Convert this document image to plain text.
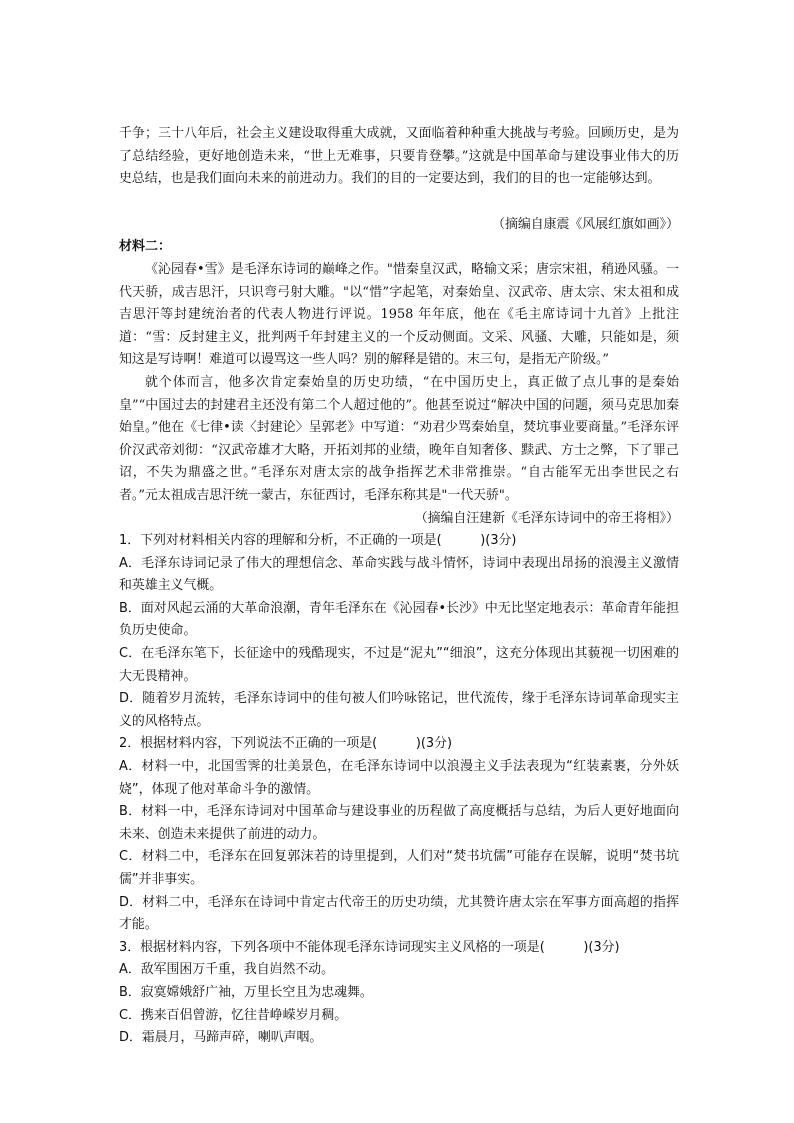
千争；三十八年后，社会主义建设取得重大成就，又面临着种种重大挑战与考验。回顾历史，是为了总结经验，更好地创造未来，“世上无难事，只要肯登攀。”这就是中国革命与建设事业伟大的历史总结，也是我们面向未来的前进动力。我们的目的一定要达到，我们的目的也一定能够达到。

（摘编自康震《风展红旗如画》）

材料二：

《沁园春•雪》是毛泽东诗词的巅峰之作。"惜秦皇汉武，略输文采；唐宗宋祖，稍逊风骚。一代天骄，成吉思汗，只识弯弓射大雕。"以“惜”字起笔，对秦始皇、汉武帝、唐太宗、宋太祖和成吉思汗等封建统治者的代表人物进行评说。1958 年年底，他在《毛主席诗词十九首》上批注道：“雪：反封建主义，批判两千年封建主义的一个反动侧面。文采、风骚、大雕，只能如是，须知这是写诗啊！难道可以谩骂这一些人吗？别的解释是错的。末三句，是指无产阶级。”

就个体而言，他多次肯定秦始皇的历史功绩，“在中国历史上，真正做了点儿事的是秦始皇”“中国过去的封建君主还没有第二个人超过他的”。他甚至说过“解决中国的问题，须马克思加秦始皇。”他在《七律•读〈封建论〉呈郭老》中写道：“劝君少骂秦始皇，焚坑事业要商量。”毛泽东评价汉武帝刘彻：“汉武帝雄才大略，开拓刘邦的业绩，晚年自知奢侈、黩武、方士之弊，下了罪己诏，不失为鼎盛之世。”毛泽东对唐太宗的战争指挥艺术非常推崇。“自古能军无出李世民之右者。”元太祖成吉思汗统一蒙古，东征西讨，毛泽东称其是"一代天骄"。

（摘编自汪建新《毛泽东诗词中的帝王将相》）

1．下列对材料相关内容的理解和分析，不正确的一项是(　　　)(3分)

A．毛泽东诗词记录了伟大的理想信念、革命实践与战斗情怀，诗词中表现出昂扬的浪漫主义激情和英雄主义气概。

B．面对风起云涌的大革命浪潮，青年毛泽东在《沁园春•长沙》中无比坚定地表示：革命青年能担负历史使命。

C．在毛泽东笔下，长征途中的残酷现实，不过是“泥丸”“细浪”，这充分体现出其藐视一切困难的大无畏精神。

D．随着岁月流转，毛泽东诗词中的佳句被人们吟咏铭记，世代流传，缘于毛泽东诗词革命现实主义的风格特点。

2．根据材料内容，下列说法不正确的一项是(　　　)(3分)

A．材料一中，北国雪霁的壮美景色，在毛泽东诗词中以浪漫主义手法表现为“红装素裹，分外妖娆”，体现了他对革命斗争的激情。

B．材料一中，毛泽东诗词对中国革命与建设事业的历程做了高度概括与总结，为后人更好地面向未来、创造未来提供了前进的动力。

C．材料二中，毛泽东在回复郭沫若的诗里提到，人们对“焚书坑儒”可能存在误解，说明“焚书坑儒”并非事实。

D．材料二中，毛泽东在诗词中肯定古代帝王的历史功绩，尤其赞许唐太宗在军事方面高超的指挥才能。

3．根据材料内容，下列各项中不能体现毛泽东诗词现实主义风格的一项是(　　　)(3分)

A．敌军围困万千重，我自岿然不动。

B．寂寞嫦娥舒广袖，万里长空且为忠魂舞。

C．携来百侣曾游，忆往昔峥嵘岁月稠。

D．霜晨月，马蹄声碎，喇叭声咽。
